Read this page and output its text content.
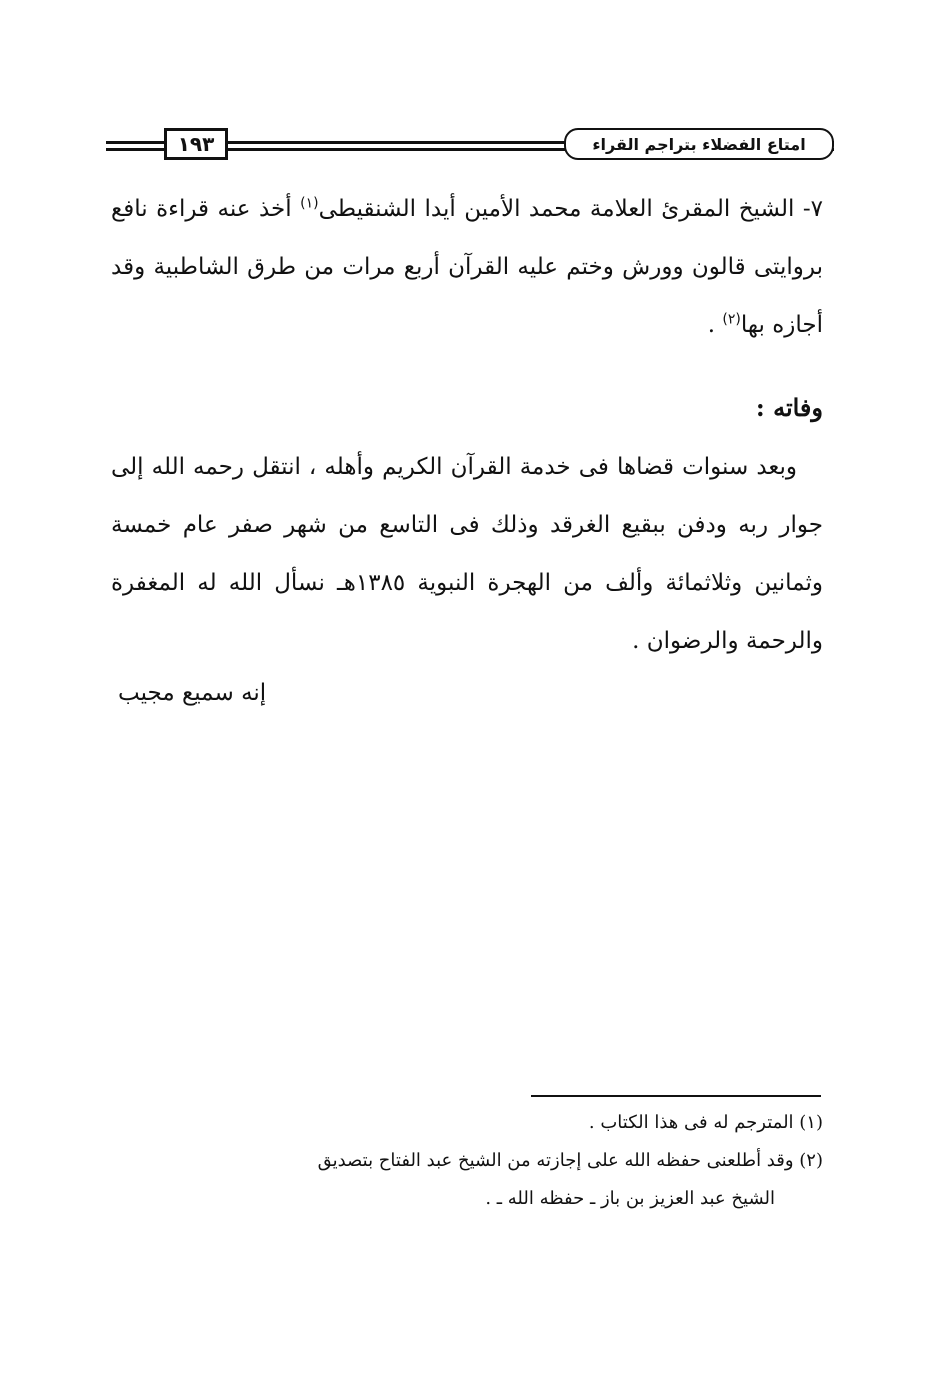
١٩٣	امتاع الفضلاء بتراجم القراء

٧- الشيخ المقرئ العلامة محمد الأمين أيدا الشنقيطى$^{(١)}$ أخذ عنه قراءة نافع بروايتى قالون وورش وختم عليه القرآن أربع مرات من طرق الشاطبية وقد أجازه بها$^{(٢)}$ .

وفاته :

وبعد سنوات قضاها فى خدمة القرآن الكريم وأهله ، انتقل رحمه الله إلى جوار ربه ودفن ببقيع الغرقد وذلك فى التاسع من شهر صفر عام خمسة وثمانين وثلاثمائة وألف من الهجرة النبوية ١٣٨٥هـ نسأل الله له المغفرة والرحمة والرضوان .

إنه سميع مجيب

(١) المترجم له فى هذا الكتاب .

(٢) وقد أطلعنى حفظه الله على إجازته من الشيخ عبد الفتاح بتصديق

الشيخ عبد العزيز بن باز ـ حفظه الله ـ .
